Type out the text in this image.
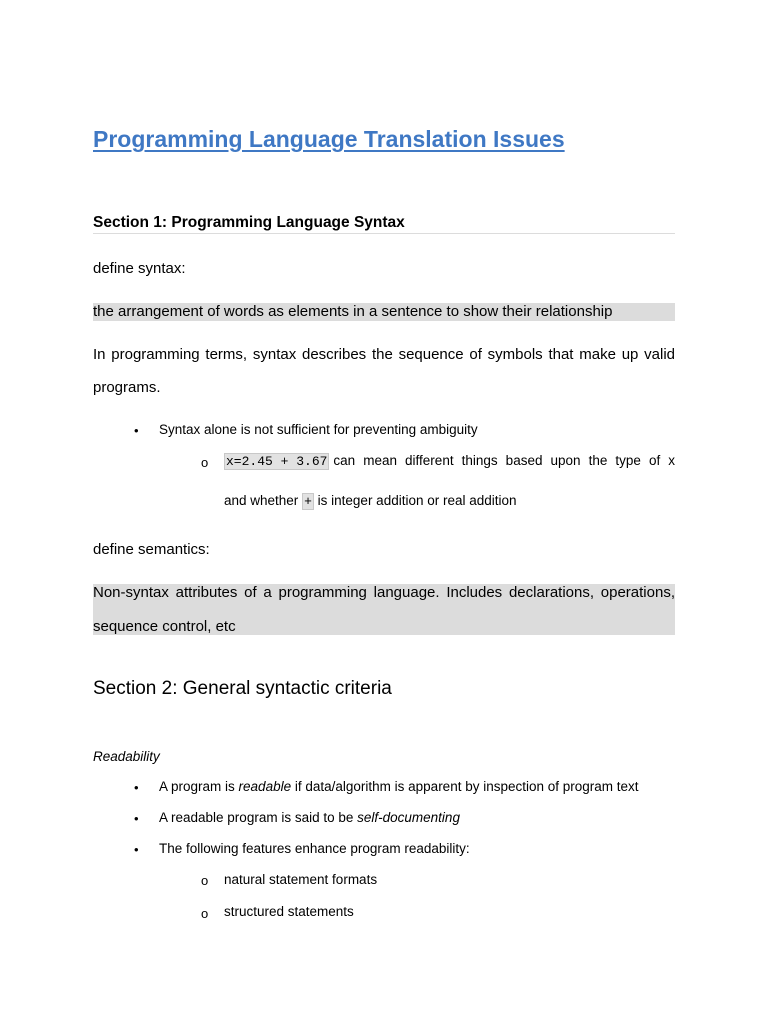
Programming Language Translation Issues
Section 1: Programming Language Syntax
define syntax:
the arrangement of words as elements in a sentence to show their relationship
In programming terms, syntax describes the sequence of symbols that make up valid
programs.
• Syntax alone is not sufficient for preventing ambiguity
o x=2.45 + 3.67 can mean different things based upon the type of x
and whether + is integer addition or real addition
define semantics:
Non-syntax attributes of a programming language. Includes declarations, operations,
sequence control, etc
Section 2: General syntactic criteria
Readability
• A program is readable if data/algorithm is apparent by inspection of program text
• A readable program is said to be self-documenting
• The following features enhance program readability:
o natural statement formats
o structured statements
